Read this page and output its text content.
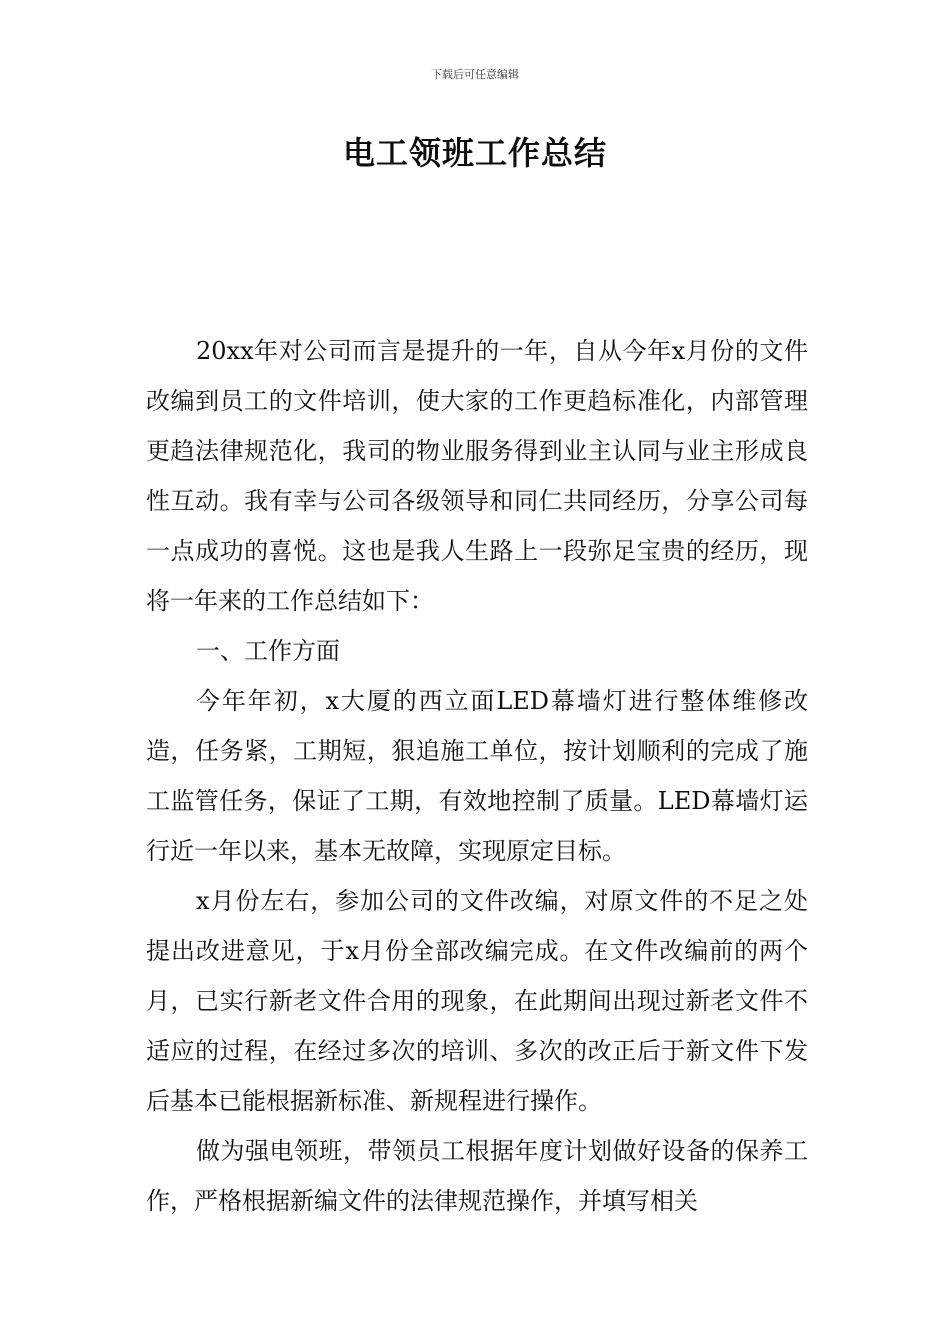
下载后可任意编辑
电工领班工作总结

20xx年对公司而言是提升的一年，自从今年x月份的文件改编到员工的文件培训，使大家的工作更趋标准化，内部管理更趋法律规范化，我司的物业服务得到业主认同与业主形成良性互动。我有幸与公司各级领导和同仁共同经历，分享公司每一点成功的喜悦。这也是我人生路上一段弥足宝贵的经历，现将一年来的工作总结如下：

一、工作方面

今年年初，x大厦的西立面LED幕墙灯进行整体维修改造，任务紧，工期短，狠追施工单位，按计划顺利的完成了施工监管任务，保证了工期，有效地控制了质量。LED幕墙灯运行近一年以来，基本无故障，实现原定目标。

x月份左右，参加公司的文件改编，对原文件的不足之处提出改进意见，于x月份全部改编完成。在文件改编前的两个月，已实行新老文件合用的现象，在此期间出现过新老文件不适应的过程，在经过多次的培训、多次的改正后于新文件下发后基本已能根据新标准、新规程进行操作。

做为强电领班，带领员工根据年度计划做好设备的保养工作，严格根据新编文件的法律规范操作，并填写相关
